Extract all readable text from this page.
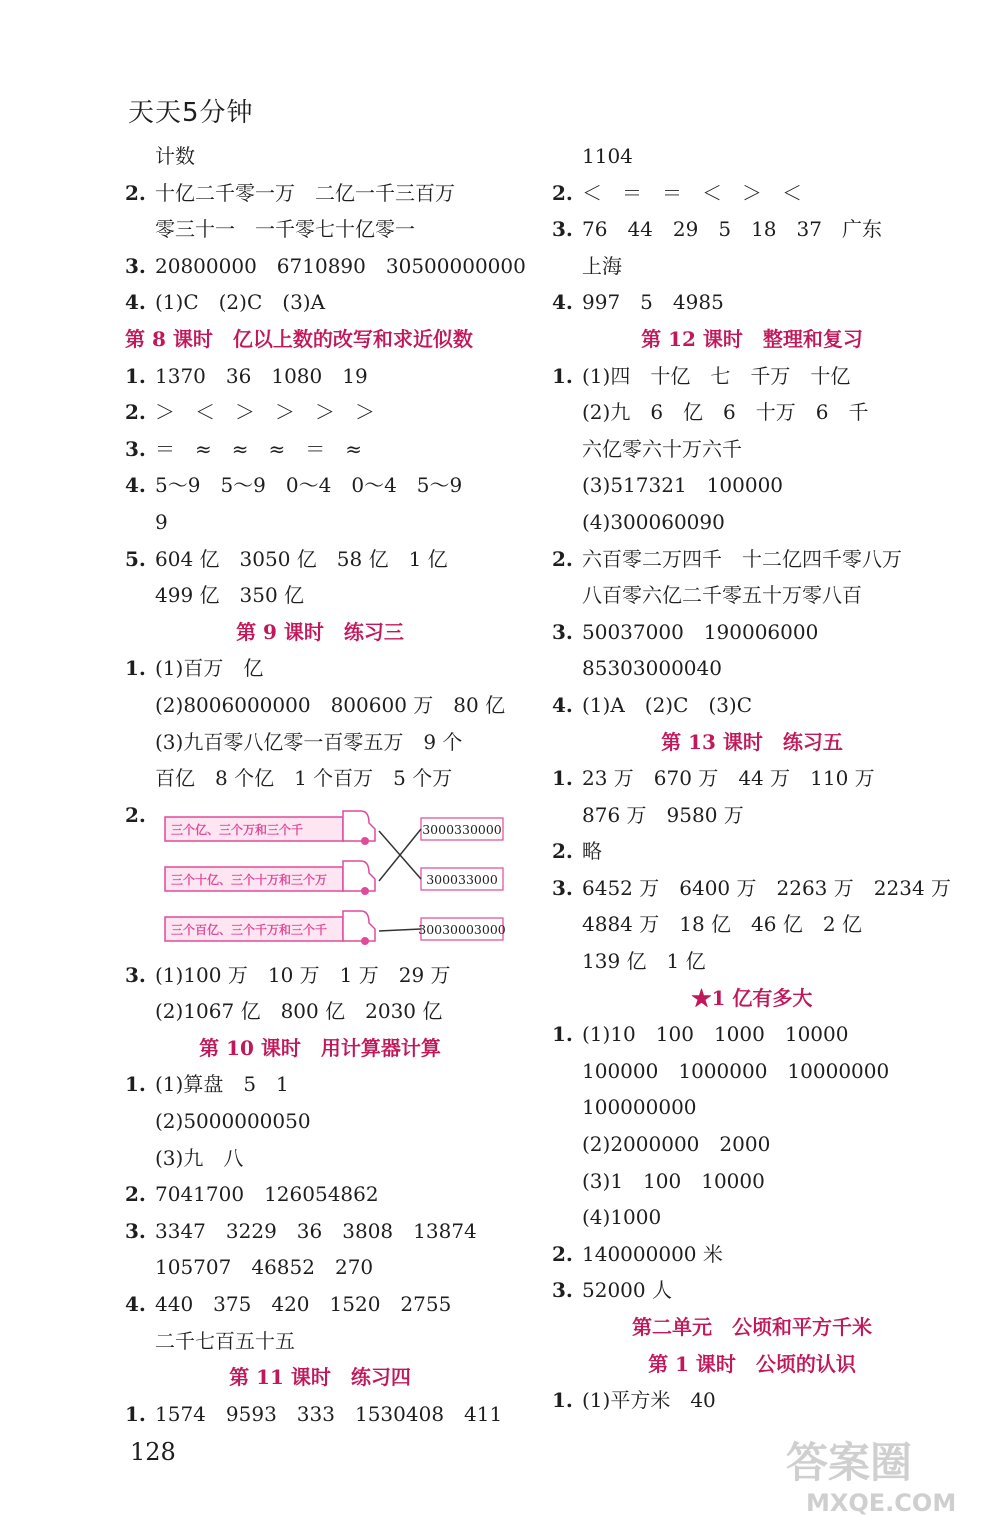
天天5分钟
计数
2. 十亿二千零一万　二亿一千三百万
零三十一　一千零七十亿零一
3. 20800000　6710890　30500000000
4. (1)C　(2)C　(3)A
第 8 课时　亿以上数的改写和求近似数
1. 1370　36　1080　19
2. ＞　＜　＞　＞　＞　＞
3. ＝　≈　≈　≈　＝　≈
4. 5～9　5～9　0～4　0～4　5～9
9
5. 604 亿　3050 亿　58 亿　1 亿
499 亿　350 亿
第 9 课时　练习三
1. (1)百万　亿
(2)8006000000　800600 万　80 亿
(3)九百零八亿零一百零五万　9 个
百亿　8 个亿　1 个百万　5 个万
2.
三个亿、三个万和三个千	3000330000
三个十亿、三个十万和三个万	300033000
三个百亿、三个千万和三个千	30030003000
3. (1)100 万　10 万　1 万　29 万
(2)1067 亿　800 亿　2030 亿
第 10 课时　用计算器计算
1. (1)算盘　5　1
(2)5000000050
(3)九　八
2. 7041700　126054862
3. 3347　3229　36　3808　13874
105707　46852　270
4. 440　375　420　1520　2755
二千七百五十五
第 11 课时　练习四
1. 1574　9593　333　1530408　411
1104
2. ＜　＝　＝　＜　＞　＜
3. 76　44　29　5　18　37　广东
上海
4. 997　5　4985
第 12 课时　整理和复习
1. (1)四　十亿　七　千万　十亿
(2)九　6　亿　6　十万　6　千
六亿零六十万六千
(3)517321　100000
(4)300060090
2. 六百零二万四千　十二亿四千零八万
八百零六亿二千零五十万零八百
3. 50037000　190006000
85303000040
4. (1)A　(2)C　(3)C
第 13 课时　练习五
1. 23 万　670 万　44 万　110 万
876 万　9580 万
2. 略
3. 6452 万　6400 万　2263 万　2234 万
4884 万　18 亿　46 亿　2 亿
139 亿　1 亿
★1 亿有多大
1. (1)10　100　1000　10000
100000　1000000　10000000
100000000
(2)2000000　2000
(3)1　100　10000
(4)1000
2. 140000000 米
3. 52000 人
第二单元　公顷和平方千米
第 1 课时　公顷的认识
1. (1)平方米　40
128	答案圈
MXQE.COM
